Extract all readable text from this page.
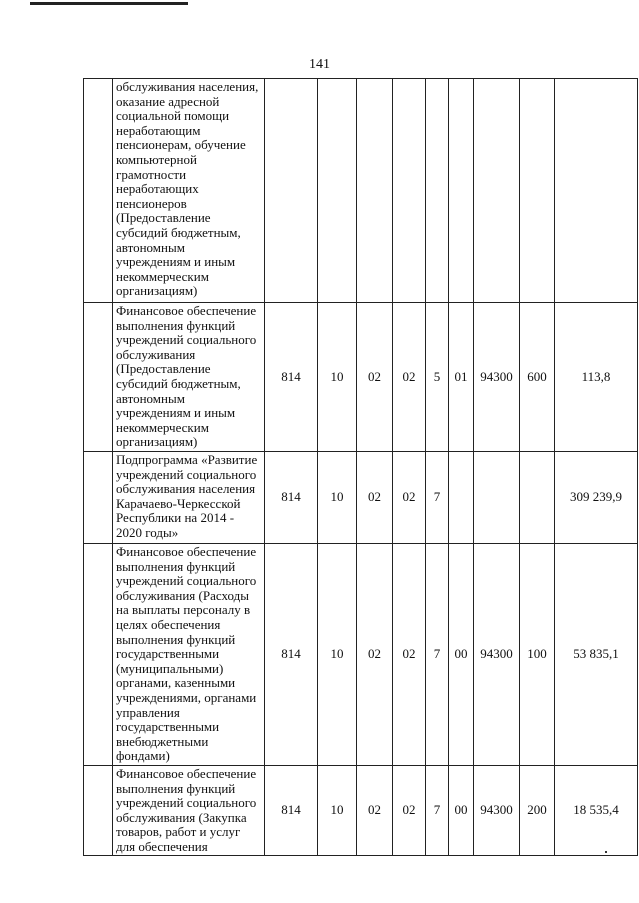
141
	обслуживания населения, оказание адресной социальной помощи неработающим пенсионерам, обучение компьютерной грамотности неработающих пенсионеров (Предоставление субсидий бюджетным, автономным учреждениям и иным некоммерческим организациям)									
	Финансовое обеспечение выполнения функций учреждений социального обслуживания (Предоставление субсидий бюджетным, автономным учреждениям и иным некоммерческим организациям)	814	10	02	02	5	01	94300	600	113,8
	Подпрограмма «Развитие учреждений социального обслуживания населения Карачаево-Черкесской Республики на 2014 - 2020 годы»	814	10	02	02	7				309 239,9
	Финансовое обеспечение выполнения функций учреждений социального обслуживания (Расходы на выплаты персоналу в целях обеспечения выполнения функций государственными (муниципальными) органами, казенными учреждениями, органами управления государственными внебюджетными фондами)	814	10	02	02	7	00	94300	100	53 835,1
	Финансовое обеспечение выполнения функций учреждений социального обслуживания (Закупка товаров, работ и услуг для обеспечения	814	10	02	02	7	00	94300	200	18 535,4
